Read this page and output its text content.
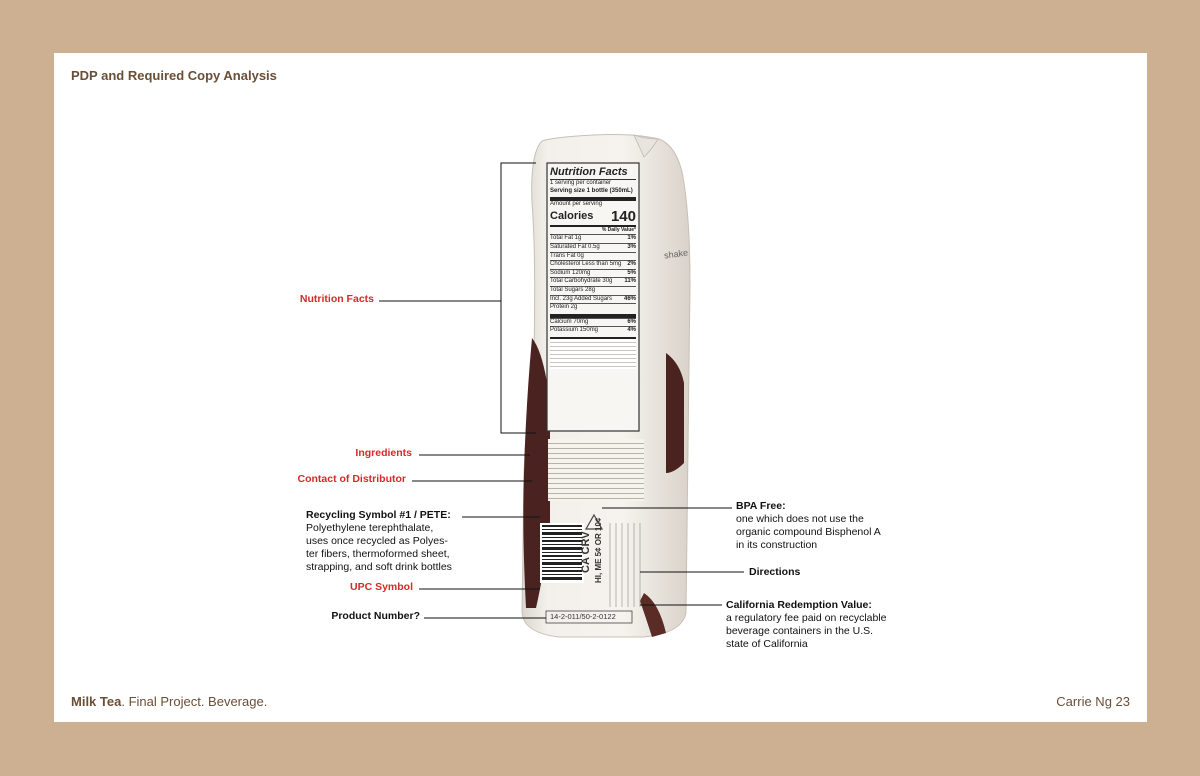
PDP and Required Copy Analysis
Nutrition Facts
1 serving per container
Serving size 1 bottle (350mL)
Amount per serving
Calories 140
% Daily Value*
Total Fat 1g	1%
Saturated Fat 0.5g	3%
Trans Fat 0g
Cholesterol Less than 5mg 2%
Sodium 120mg	5%
Total Carbohydrate 30g 11%
Total Sugars 28g
Incl. 23g Added Sugars 46%
Protein 2g
Calcium 70mg	6%
Potassium 150mg	4%
CA CRV HI, ME 5¢ OR 10¢
14-2-011/50-2-0122
shake
Nutrition Facts
Ingredients
Contact of Distributor
Recycling Symbol #1 / PETE:
Polyethylene terephthalate,
uses once recycled as Polyes-
ter fibers, thermoformed sheet,
strapping, and soft drink bottles
UPC Symbol
Product Number?
BPA Free:
one which does not use the
organic compound Bisphenol A
in its construction
Directions
California Redemption Value:
a regulatory fee paid on recyclable
beverage containers in the U.S.
state of California
Milk Tea. Final Project. Beverage.	Carrie Ng 23
